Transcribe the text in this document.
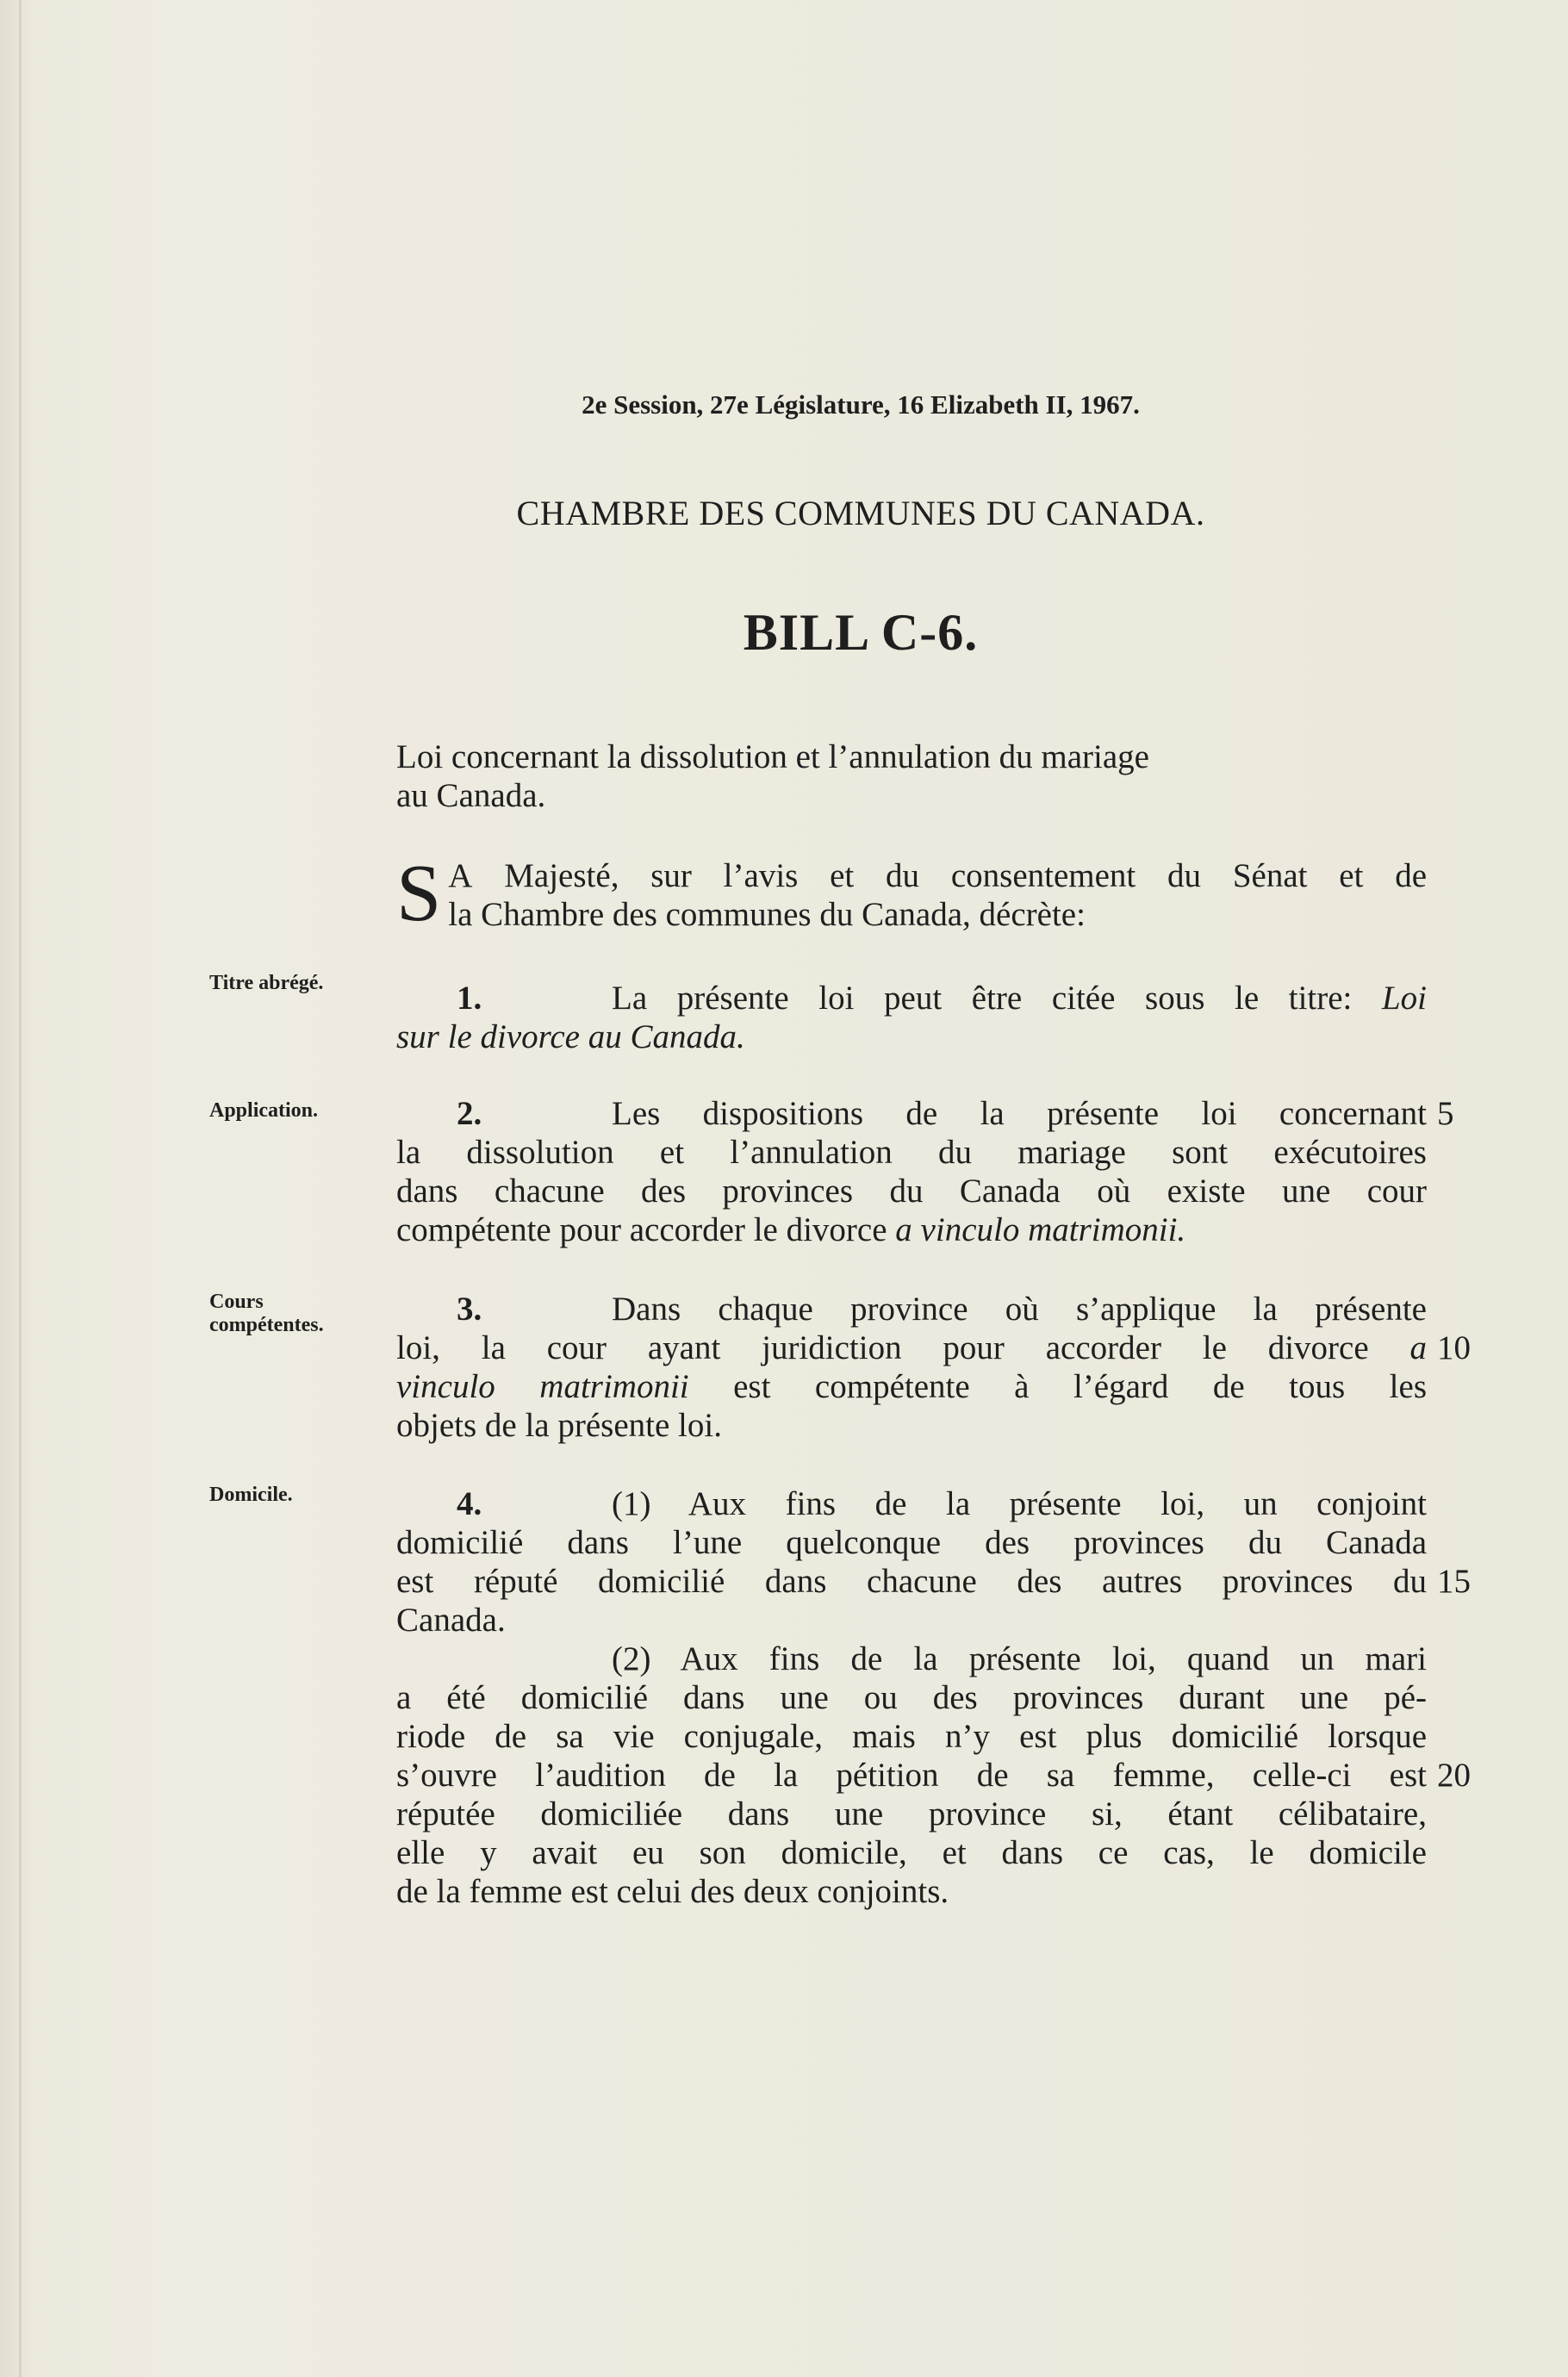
2e Session, 27e Législature, 16 Elizabeth II, 1967.
CHAMBRE DES COMMUNES DU CANADA.
BILL C-6.
Loi concernant la dissolution et l’annulation du mariage
au Canada.
S A Majesté, sur l’avis et du consentement du Sénat et de
la Chambre des communes du Canada, décrète:
Titre abrégé.	1.	La présente loi peut être citée sous le titre: Loi
sur le divorce au Canada.
Application.	2.	Les dispositions de la présente loi concernant
la dissolution et l’annulation du mariage sont exécutoires
dans chacune des provinces du Canada où existe une cour
compétente pour accorder le divorce a vinculo matrimonii.
5
Cours
compétentes.	3.	Dans chaque province où s’applique la présente
loi, la cour ayant juridiction pour accorder le divorce a
vinculo matrimonii est compétente à l’égard de tous les
objets de la présente loi.
10
Domicile.	4.	(1) Aux fins de la présente loi, un conjoint
domicilié dans l’une quelconque des provinces du Canada
est réputé domicilié dans chacune des autres provinces du
Canada.
(2) Aux fins de la présente loi, quand un mari
a été domicilié dans une ou des provinces durant une pé-
riode de sa vie conjugale, mais n’y est plus domicilié lorsque
s’ouvre l’audition de la pétition de sa femme, celle-ci est
réputée domiciliée dans une province si, étant célibataire,
elle y avait eu son domicile, et dans ce cas, le domicile
de la femme est celui des deux conjoints.
15
20
